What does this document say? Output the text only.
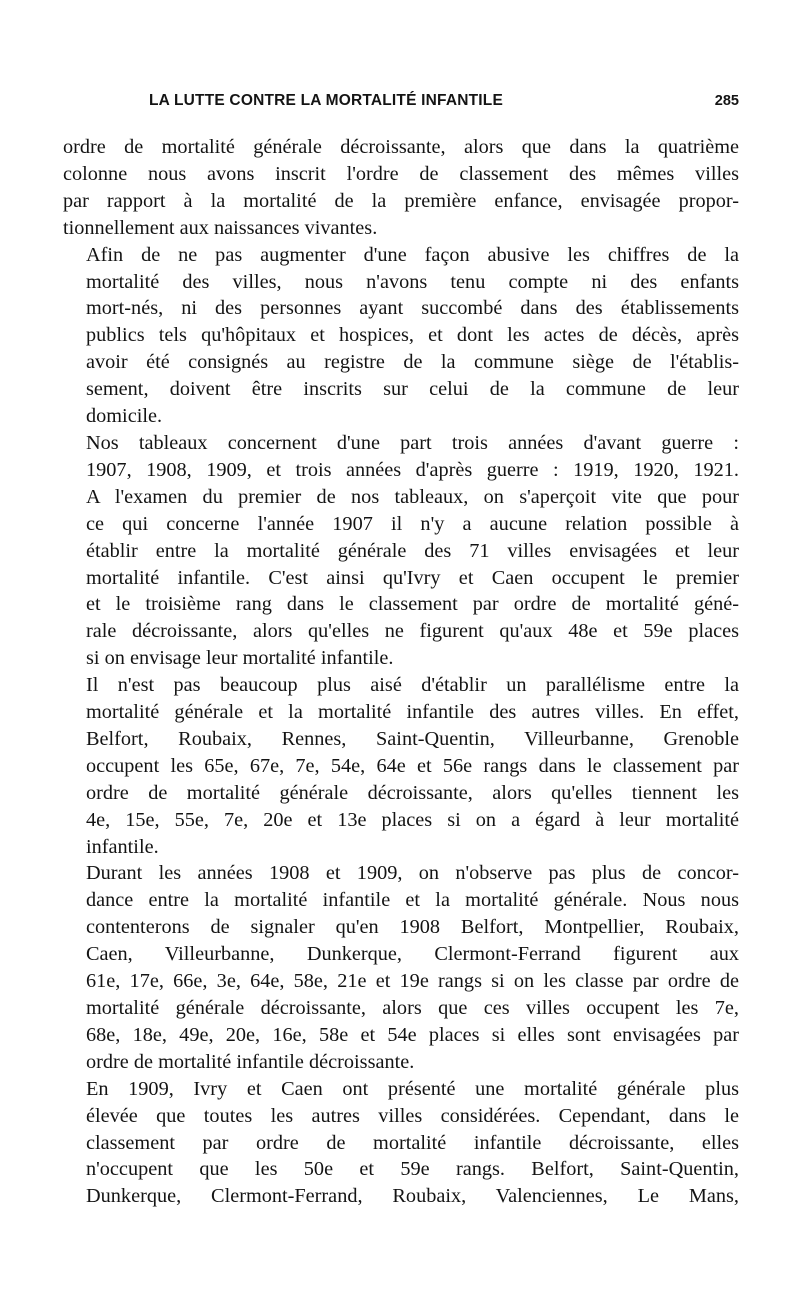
LA LUTTE CONTRE LA MORTALITÉ INFANTILE	285

ordre de mortalité générale décroissante, alors que dans la quatrième
colonne nous avons inscrit l'ordre de classement des mêmes villes
par rapport à la mortalité de la première enfance, envisagée propor-
tionnellement aux naissances vivantes.

Afin de ne pas augmenter d'une façon abusive les chiffres de la
mortalité des villes, nous n'avons tenu compte ni des enfants
mort-nés, ni des personnes ayant succombé dans des établissements
publics tels qu'hôpitaux et hospices, et dont les actes de décès, après
avoir été consignés au registre de la commune siège de l'établis-
sement, doivent être inscrits sur celui de la commune de leur
domicile.

Nos tableaux concernent d'une part trois années d'avant guerre :
1907, 1908, 1909, et trois années d'après guerre : 1919, 1920, 1921.
A l'examen du premier de nos tableaux, on s'aperçoit vite que pour
ce qui concerne l'année 1907 il n'y a aucune relation possible à
établir entre la mortalité générale des 71 villes envisagées et leur
mortalité infantile. C'est ainsi qu'Ivry et Caen occupent le premier
et le troisième rang dans le classement par ordre de mortalité géné-
rale décroissante, alors qu'elles ne figurent qu'aux 48e et 59e places
si on envisage leur mortalité infantile.

Il n'est pas beaucoup plus aisé d'établir un parallélisme entre la
mortalité générale et la mortalité infantile des autres villes. En effet,
Belfort, Roubaix, Rennes, Saint-Quentin, Villeurbanne, Grenoble
occupent les 65e, 67e, 7e, 54e, 64e et 56e rangs dans le classement par
ordre de mortalité générale décroissante, alors qu'elles tiennent les
4e, 15e, 55e, 7e, 20e et 13e places si on a égard à leur mortalité
infantile.

Durant les années 1908 et 1909, on n'observe pas plus de concor-
dance entre la mortalité infantile et la mortalité générale. Nous nous
contenterons de signaler qu'en 1908 Belfort, Montpellier, Roubaix,
Caen, Villeurbanne, Dunkerque, Clermont-Ferrand figurent aux
61e, 17e, 66e, 3e, 64e, 58e, 21e et 19e rangs si on les classe par ordre de
mortalité générale décroissante, alors que ces villes occupent les 7e,
68e, 18e, 49e, 20e, 16e, 58e et 54e places si elles sont envisagées par
ordre de mortalité infantile décroissante.

En 1909, Ivry et Caen ont présenté une mortalité générale plus
élevée que toutes les autres villes considérées. Cependant, dans le
classement par ordre de mortalité infantile décroissante, elles
n'occupent que les 50e et 59e rangs. Belfort, Saint-Quentin,
Dunkerque, Clermont-Ferrand, Roubaix, Valenciennes, Le Mans,
